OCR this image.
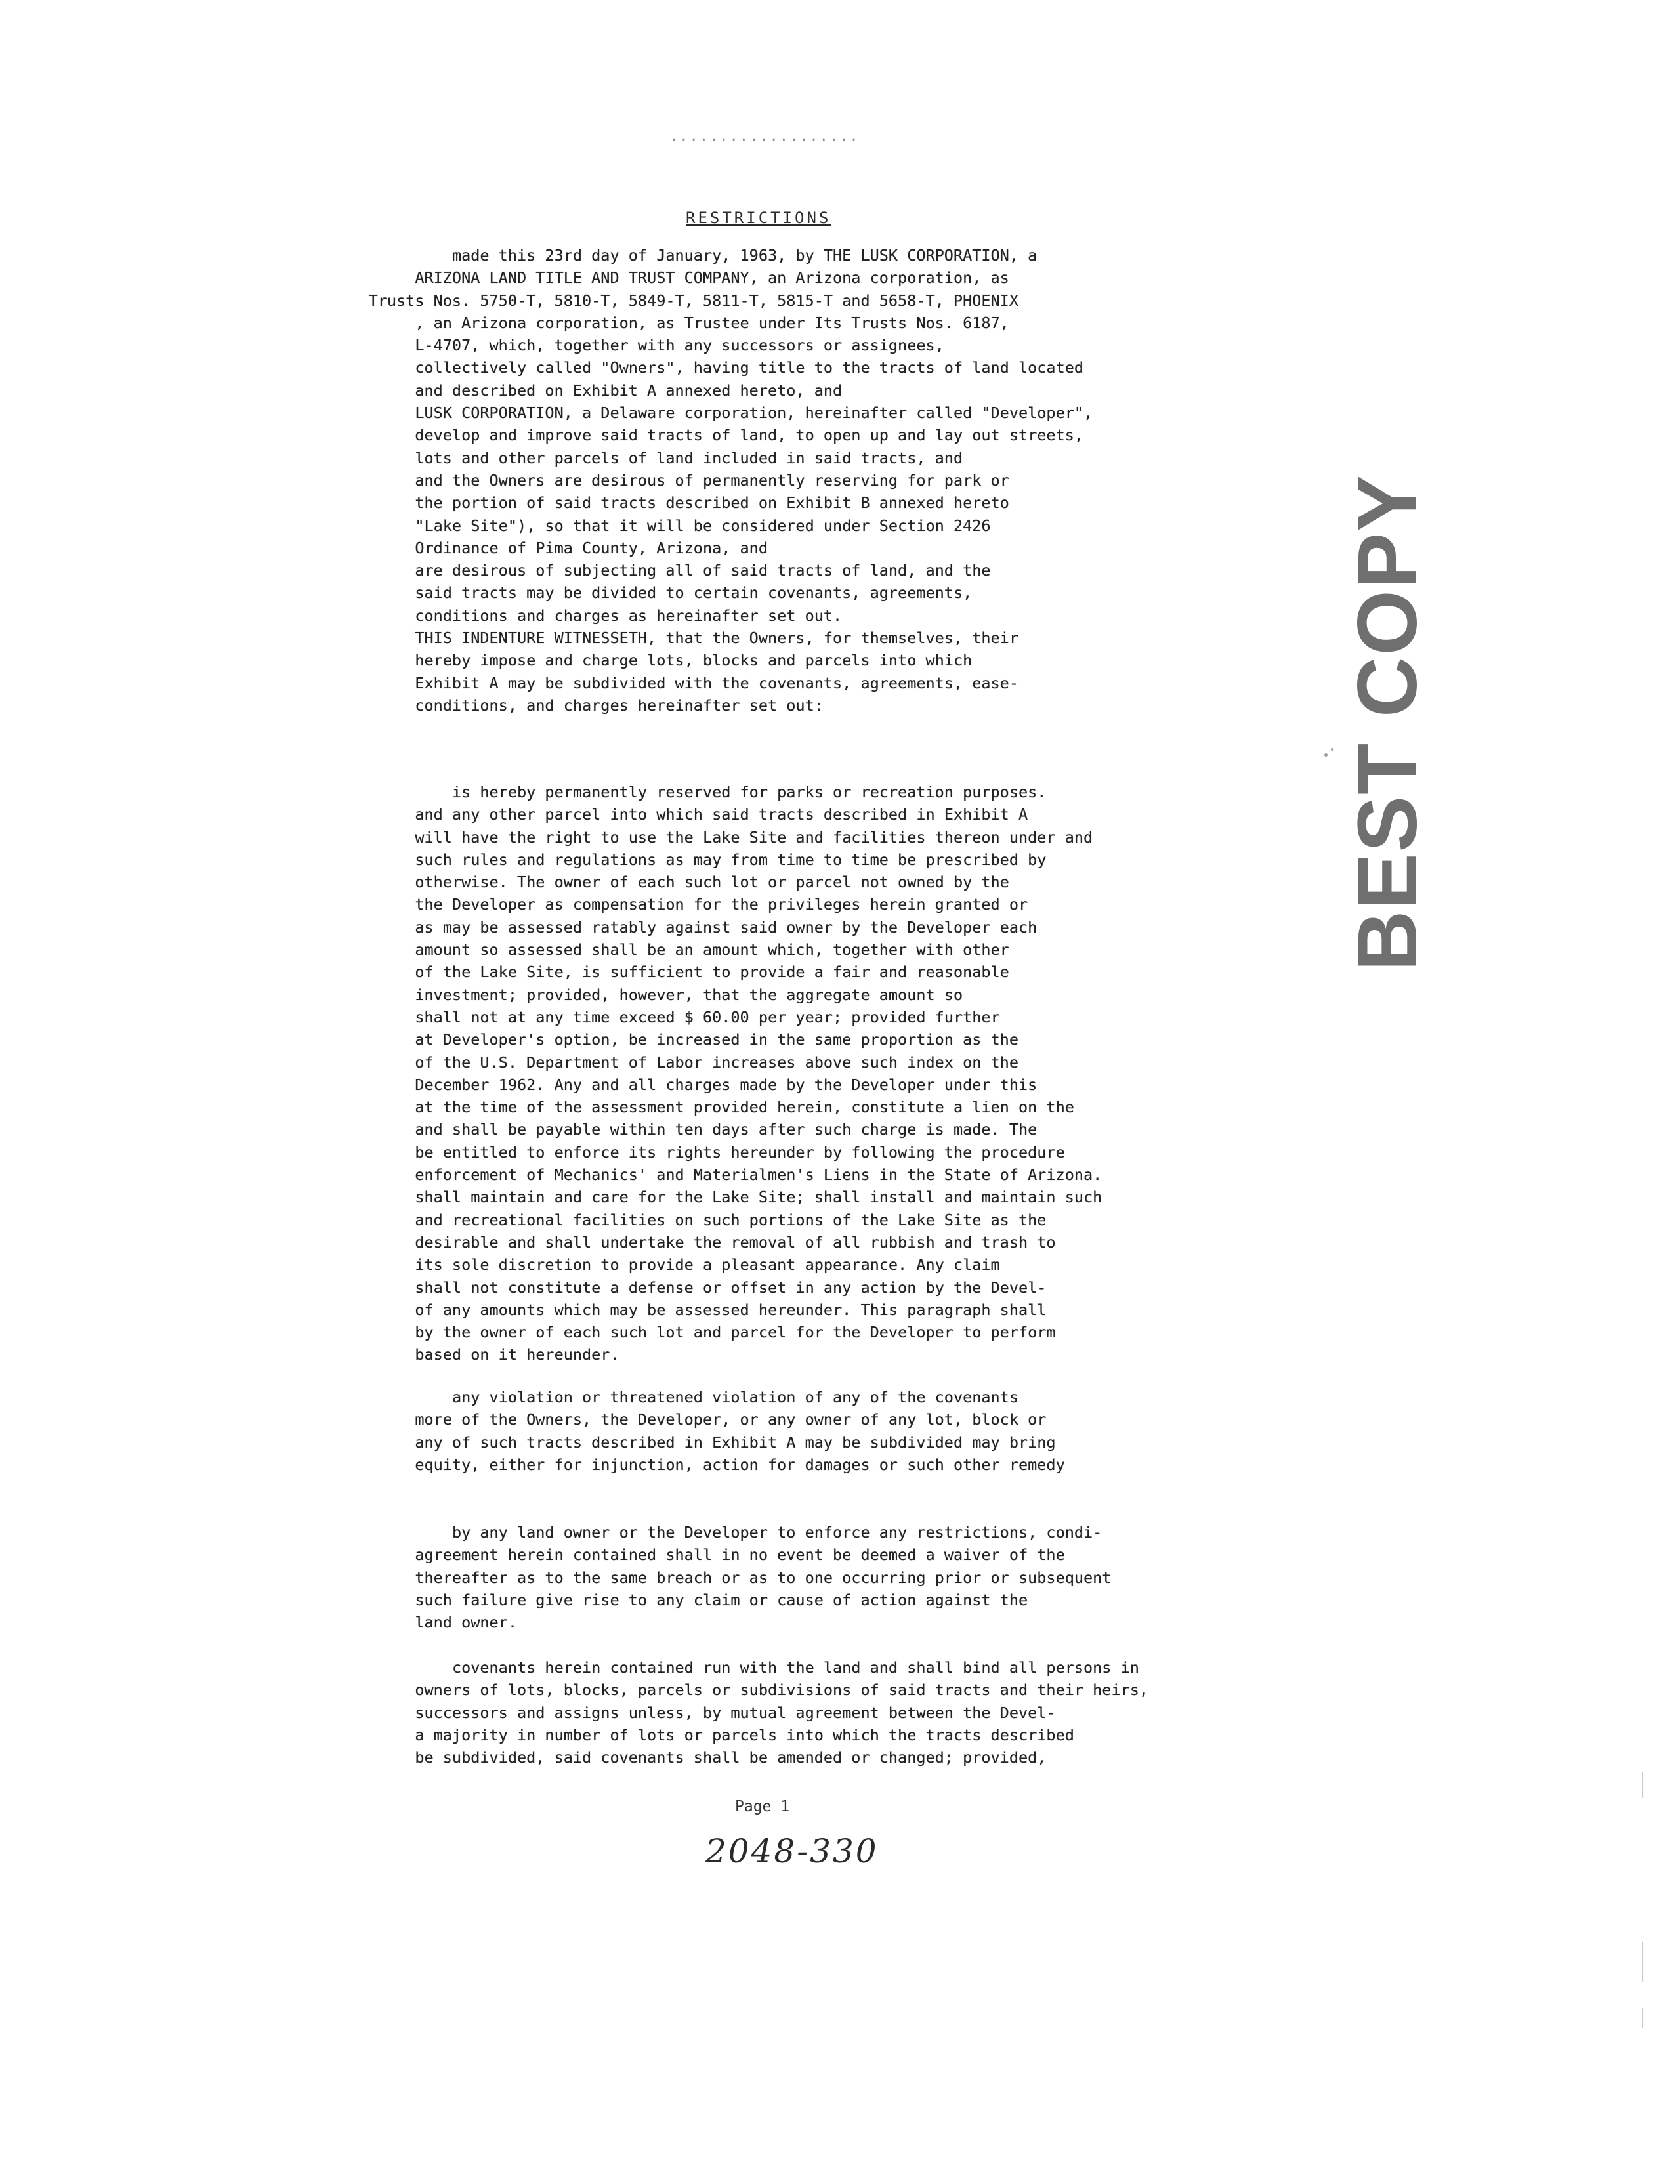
...................
RESTRICTIONS

made this 23rd day of January, 1963, by THE LUSK CORPORATION, a
ARIZONA LAND TITLE AND TRUST COMPANY, an Arizona corporation, as
Trusts Nos. 5750-T, 5810-T, 5849-T, 5811-T, 5815-T and 5658-T, PHOENIX
, an Arizona corporation, as Trustee under Its Trusts Nos. 6187,
L-4707, which, together with any successors or assignees,
collectively called "Owners", having title to the tracts of land located
and described on Exhibit A annexed hereto, and
LUSK CORPORATION, a Delaware corporation, hereinafter called "Developer",
develop and improve said tracts of land, to open up and lay out streets,
lots and other parcels of land included in said tracts, and
and the Owners are desirous of permanently reserving for park or
the portion of said tracts described on Exhibit B annexed hereto
"Lake Site"), so that it will be considered under Section 2426
Ordinance of Pima County, Arizona, and
are desirous of subjecting all of said tracts of land, and the
said tracts may be divided to certain covenants, agreements,
conditions and charges as hereinafter set out.
THIS INDENTURE WITNESSETH, that the Owners, for themselves, their
hereby impose and charge lots, blocks and parcels into which
Exhibit A may be subdivided with the covenants, agreements, ease-
conditions, and charges hereinafter set out:

is hereby permanently reserved for parks or recreation purposes.
and any other parcel into which said tracts described in Exhibit A
will have the right to use the Lake Site and facilities thereon under and
such rules and regulations as may from time to time be prescribed by
otherwise. The owner of each such lot or parcel not owned by the
the Developer as compensation for the privileges herein granted or
as may be assessed ratably against said owner by the Developer each
amount so assessed shall be an amount which, together with other
of the Lake Site, is sufficient to provide a fair and reasonable
investment; provided, however, that the aggregate amount so
shall not at any time exceed $ 60.00 per year; provided further
at Developer's option, be increased in the same proportion as the
of the U.S. Department of Labor increases above such index on the
December 1962. Any and all charges made by the Developer under this
at the time of the assessment provided herein, constitute a lien on the
and shall be payable within ten days after such charge is made. The
be entitled to enforce its rights hereunder by following the procedure
enforcement of Mechanics' and Materialmen's Liens in the State of Arizona.
shall maintain and care for the Lake Site; shall install and maintain such
and recreational facilities on such portions of the Lake Site as the
desirable and shall undertake the removal of all rubbish and trash to
its sole discretion to provide a pleasant appearance. Any claim
shall not constitute a defense or offset in any action by the Devel-
of any amounts which may be assessed hereunder. This paragraph shall
by the owner of each such lot and parcel for the Developer to perform
based on it hereunder.

any violation or threatened violation of any of the covenants
more of the Owners, the Developer, or any owner of any lot, block or
any of such tracts described in Exhibit A may be subdivided may bring
equity, either for injunction, action for damages or such other remedy

by any land owner or the Developer to enforce any restrictions, condi-
agreement herein contained shall in no event be deemed a waiver of the
thereafter as to the same breach or as to one occurring prior or subsequent
such failure give rise to any claim or cause of action against the
land owner.

covenants herein contained run with the land and shall bind all persons in
owners of lots, blocks, parcels or subdivisions of said tracts and their heirs,
successors and assigns unless, by mutual agreement between the Devel-
a majority in number of lots or parcels into which the tracts described
be subdivided, said covenants shall be amended or changed; provided,

BEST COPY
Page 1
2048-330
